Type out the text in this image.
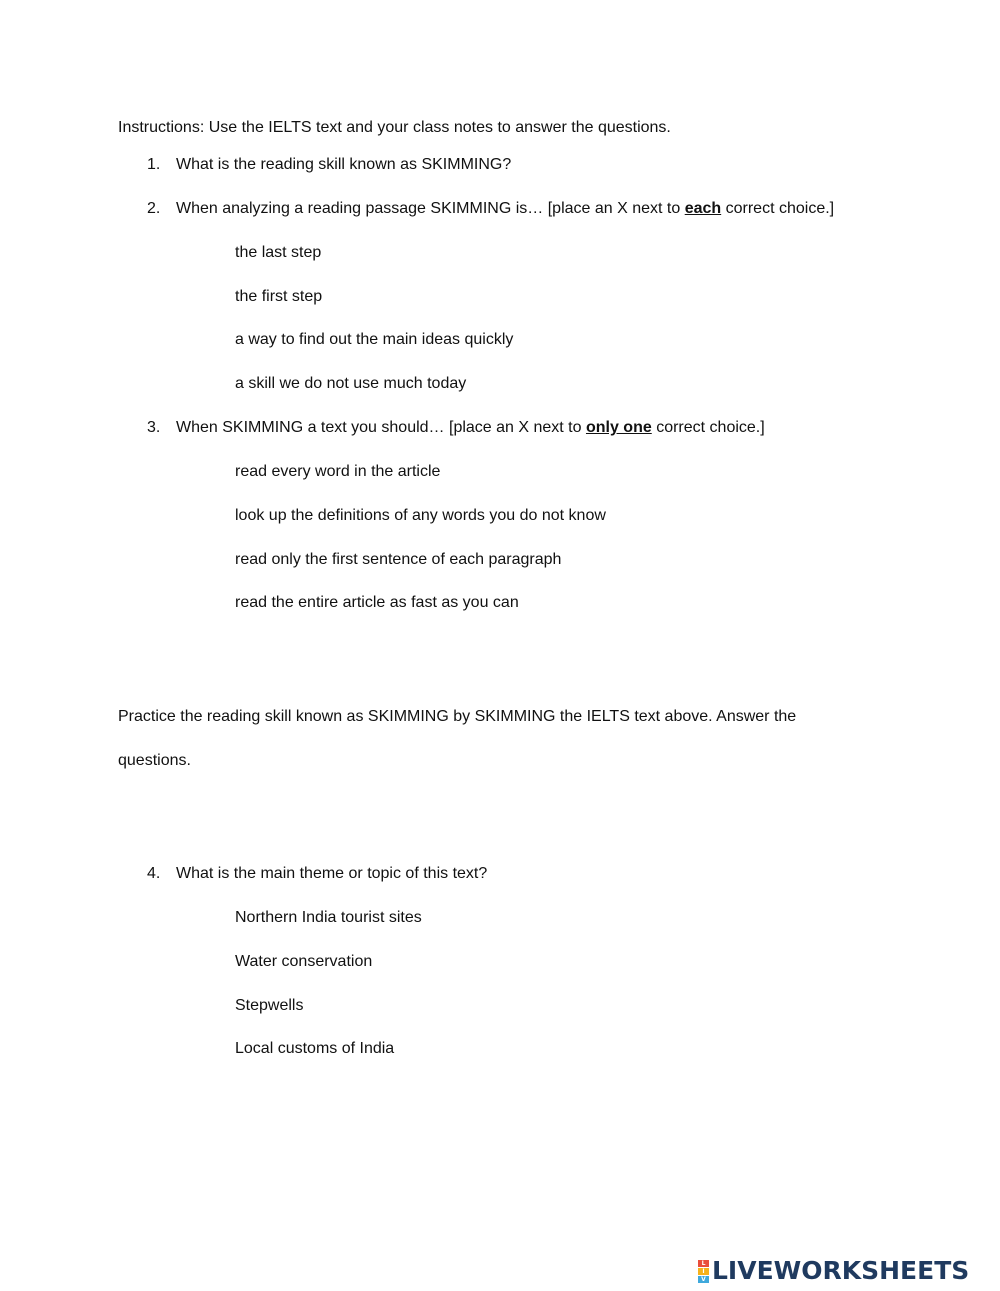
Instructions: Use the IELTS text and your class notes to answer the questions.
1. What is the reading skill known as SKIMMING?
2. When analyzing a reading passage SKIMMING is… [place an X next to each correct choice.]
the last step
the first step
a way to find out the main ideas quickly
a skill we do not use much today
3. When SKIMMING a text you should… [place an X next to only one correct choice.]
read every word in the article
look up the definitions of any words you do not know
read only the first sentence of each paragraph
read the entire article as fast as you can
Practice the reading skill known as SKIMMING by SKIMMING the IELTS text above. Answer the
questions.
4. What is the main theme or topic of this text?
Northern India tourist sites
Water conservation
Stepwells
Local customs of India
L
I
V LIVEWORKSHEETS
